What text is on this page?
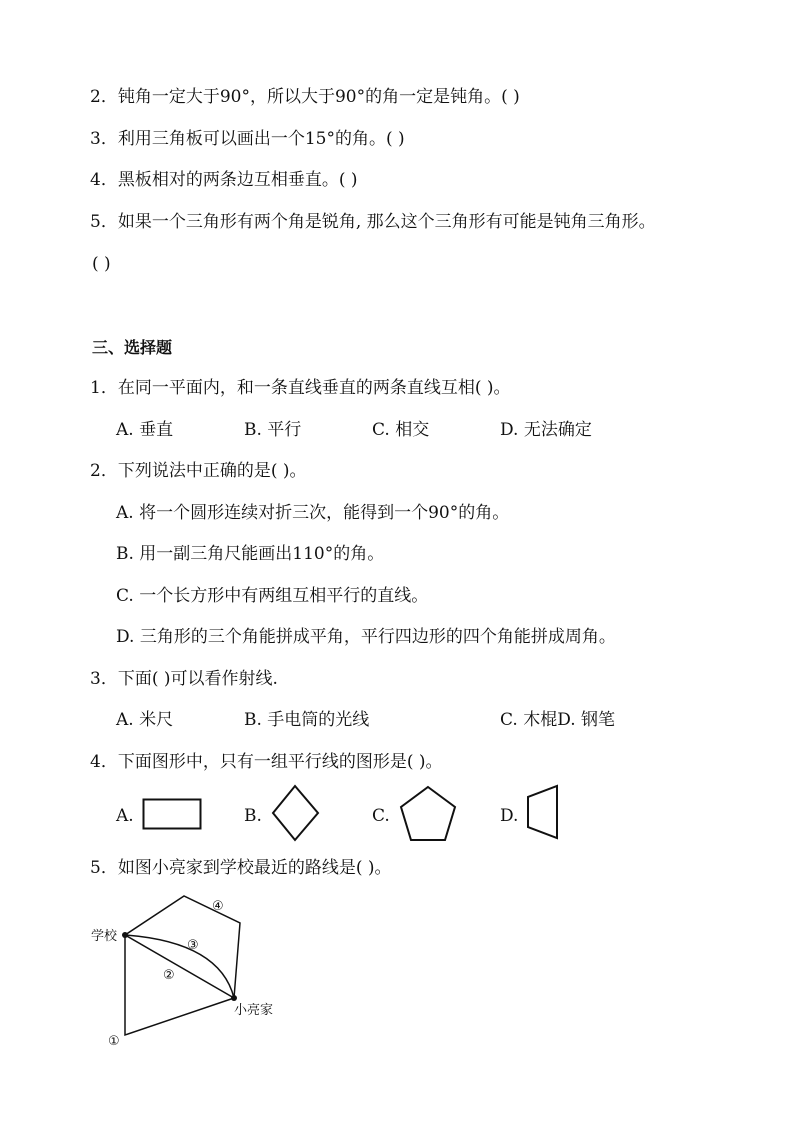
2．钝角一定大于90°，所以大于90°的角一定是钝角。( )
3．利用三角板可以画出一个15°的角。( )
4．黑板相对的两条边互相垂直。( )
5．如果一个三角形有两个角是锐角, 那么这个三角形有可能是钝角三角形。
( )
三、选择题
1．在同一平面内，和一条直线垂直的两条直线互相( )。
A. 垂直	B. 平行	C. 相交	D. 无法确定
2．下列说法中正确的是( )。
A. 将一个圆形连续对折三次，能得到一个90°的角。
B. 用一副三角尺能画出110°的角。
C. 一个长方形中有两组互相平行的直线。
D. 三角形的三个角能拼成平角，平行四边形的四个角能拼成周角。
3．下面( )可以看作射线.
A. 米尺	B. 手电筒的光线	C. 木棍D. 钢笔
4．下面图形中，只有一组平行线的图形是( )。
A.	B.	C.	D.
5．如图小亮家到学校最近的路线是( )。
学校
小亮家
①
②
③
④
